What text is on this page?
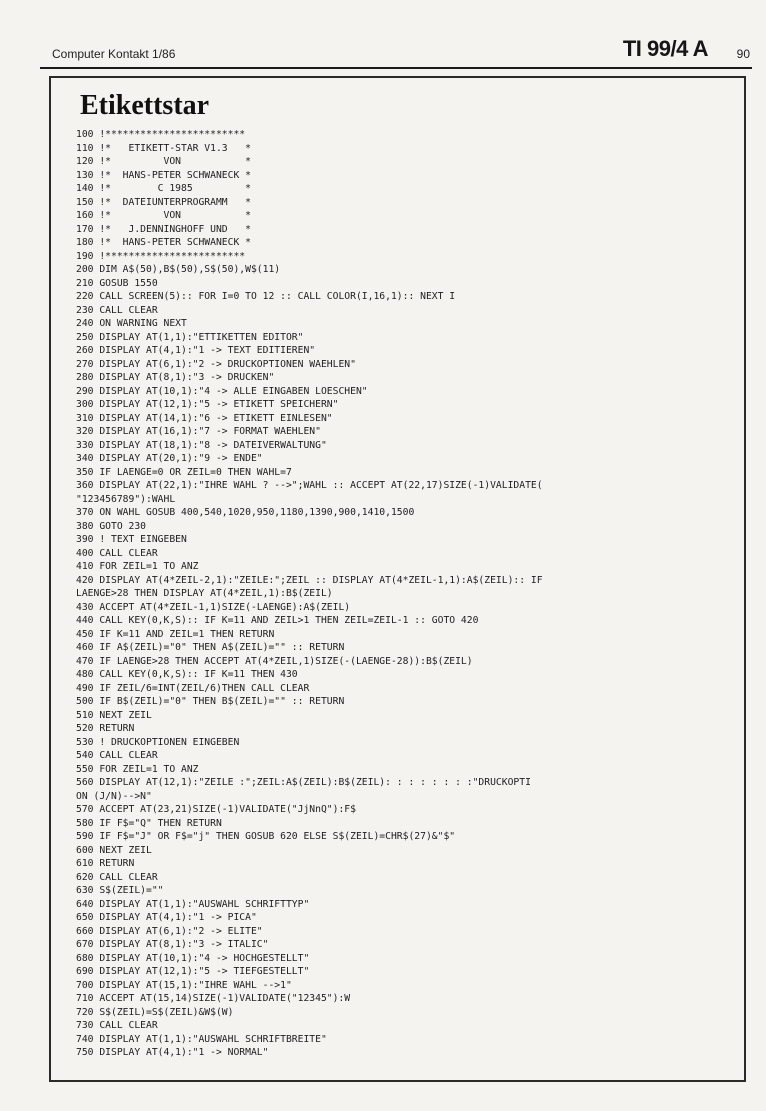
Computer Kontakt 1/86	TI 99/4 A 90
Etikettstar
100 !************************
110 !*   ETIKETT-STAR V1.3   *
120 !*         VON           *
130 !*  HANS-PETER SCHWANECK *
140 !*        C 1985         *
150 !*  DATEIUNTERPROGRAMM   *
160 !*         VON           *
170 !*   J.DENNINGHOFF UND   *
180 !*  HANS-PETER SCHWANECK *
190 !************************
200 DIM A$(50),B$(50),S$(50),W$(11)
210 GOSUB 1550
220 CALL SCREEN(5):: FOR I=0 TO 12 :: CALL COLOR(I,16,1):: NEXT I
230 CALL CLEAR
240 ON WARNING NEXT
250 DISPLAY AT(1,1):"ETTIKETTEN EDITOR"
260 DISPLAY AT(4,1):"1 -> TEXT EDITIEREN"
270 DISPLAY AT(6,1):"2 -> DRUCKOPTIONEN WAEHLEN"
280 DISPLAY AT(8,1):"3 -> DRUCKEN"
290 DISPLAY AT(10,1):"4 -> ALLE EINGABEN LOESCHEN"
300 DISPLAY AT(12,1):"5 -> ETIKETT SPEICHERN"
310 DISPLAY AT(14,1):"6 -> ETIKETT EINLESEN"
320 DISPLAY AT(16,1):"7 -> FORMAT WAEHLEN"
330 DISPLAY AT(18,1):"8 -> DATEIVERWALTUNG"
340 DISPLAY AT(20,1):"9 -> ENDE"
350 IF LAENGE=0 OR ZEIL=0 THEN WAHL=7
360 DISPLAY AT(22,1):"IHRE WAHL ? -->";WAHL :: ACCEPT AT(22,17)SIZE(-1)VALIDATE(
"123456789"):WAHL
370 ON WAHL GOSUB 400,540,1020,950,1180,1390,900,1410,1500
380 GOTO 230
390 ! TEXT EINGEBEN
400 CALL CLEAR
410 FOR ZEIL=1 TO ANZ
420 DISPLAY AT(4*ZEIL-2,1):"ZEILE:";ZEIL :: DISPLAY AT(4*ZEIL-1,1):A$(ZEIL):: IF
LAENGE>28 THEN DISPLAY AT(4*ZEIL,1):B$(ZEIL)
430 ACCEPT AT(4*ZEIL-1,1)SIZE(-LAENGE):A$(ZEIL)
440 CALL KEY(0,K,S):: IF K=11 AND ZEIL>1 THEN ZEIL=ZEIL-1 :: GOTO 420
450 IF K=11 AND ZEIL=1 THEN RETURN
460 IF A$(ZEIL)="0" THEN A$(ZEIL)="" :: RETURN
470 IF LAENGE>28 THEN ACCEPT AT(4*ZEIL,1)SIZE(-(LAENGE-28)):B$(ZEIL)
480 CALL KEY(0,K,S):: IF K=11 THEN 430
490 IF ZEIL/6=INT(ZEIL/6)THEN CALL CLEAR
500 IF B$(ZEIL)="0" THEN B$(ZEIL)="" :: RETURN
510 NEXT ZEIL
520 RETURN
530 ! DRUCKOPTIONEN EINGEBEN
540 CALL CLEAR
550 FOR ZEIL=1 TO ANZ
560 DISPLAY AT(12,1):"ZEILE :";ZEIL:A$(ZEIL):B$(ZEIL): : : : : : : :"DRUCKOPTI
ON (J/N)-->N"
570 ACCEPT AT(23,21)SIZE(-1)VALIDATE("JjNnQ"):F$
580 IF F$="Q" THEN RETURN
590 IF F$="J" OR F$="j" THEN GOSUB 620 ELSE S$(ZEIL)=CHR$(27)&"$"
600 NEXT ZEIL
610 RETURN
620 CALL CLEAR
630 S$(ZEIL)=""
640 DISPLAY AT(1,1):"AUSWAHL SCHRIFTTYP"
650 DISPLAY AT(4,1):"1 -> PICA"
660 DISPLAY AT(6,1):"2 -> ELITE"
670 DISPLAY AT(8,1):"3 -> ITALIC"
680 DISPLAY AT(10,1):"4 -> HOCHGESTELLT"
690 DISPLAY AT(12,1):"5 -> TIEFGESTELLT"
700 DISPLAY AT(15,1):"IHRE WAHL -->1"
710 ACCEPT AT(15,14)SIZE(-1)VALIDATE("12345"):W
720 S$(ZEIL)=S$(ZEIL)&W$(W)
730 CALL CLEAR
740 DISPLAY AT(1,1):"AUSWAHL SCHRIFTBREITE"
750 DISPLAY AT(4,1):"1 -> NORMAL"
